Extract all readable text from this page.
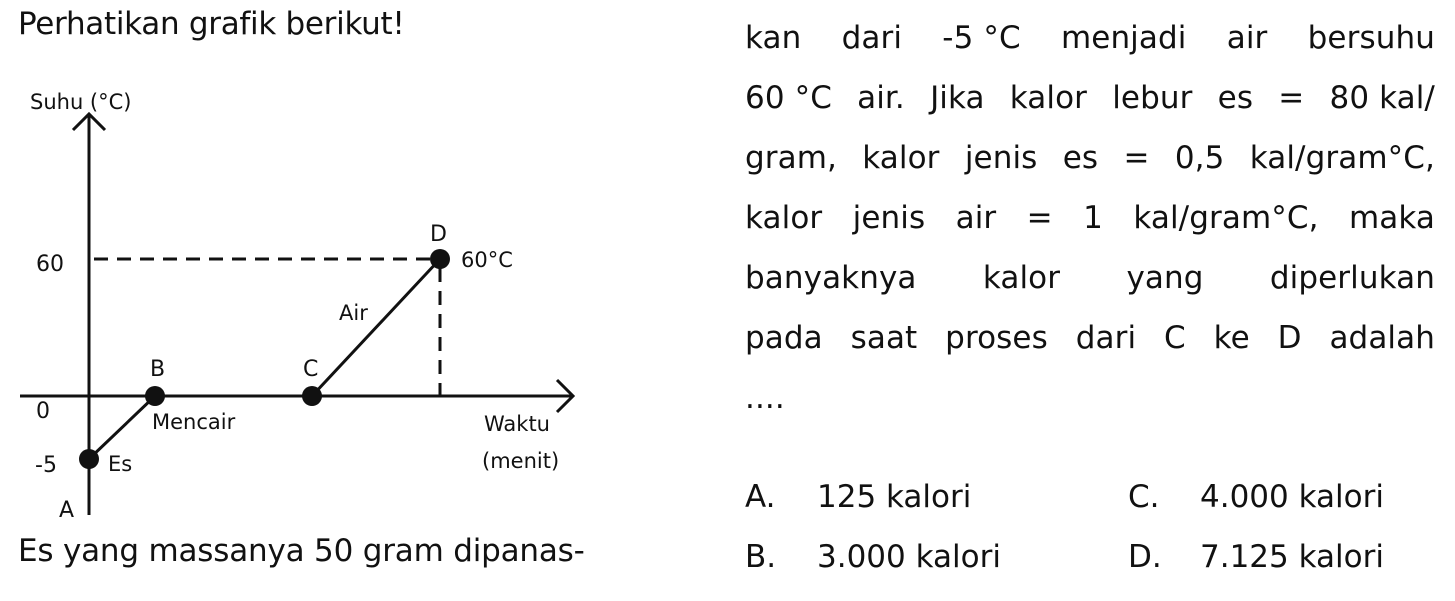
Perhatikan grafik berikut!
Suhu (°C)
Waktu
(menit)
60
0
-5
A
B	C
D
60°C
Es
Mencair
Air
Es yang massanya 50 gram dipanas-
kan dari -5 °C menjadi air bersuhu
60 °C air. Jika kalor lebur es = 80 kal/
gram, kalor jenis es = 0,5 kal/gram°C,
kalor jenis air = 1 kal/gram°C, maka
banyaknya kalor yang diperlukan
pada saat proses dari C ke D adalah
....
A. 125 kalori
B. 3.000 kalori
C. 4.000 kalori
D. 7.125 kalori
